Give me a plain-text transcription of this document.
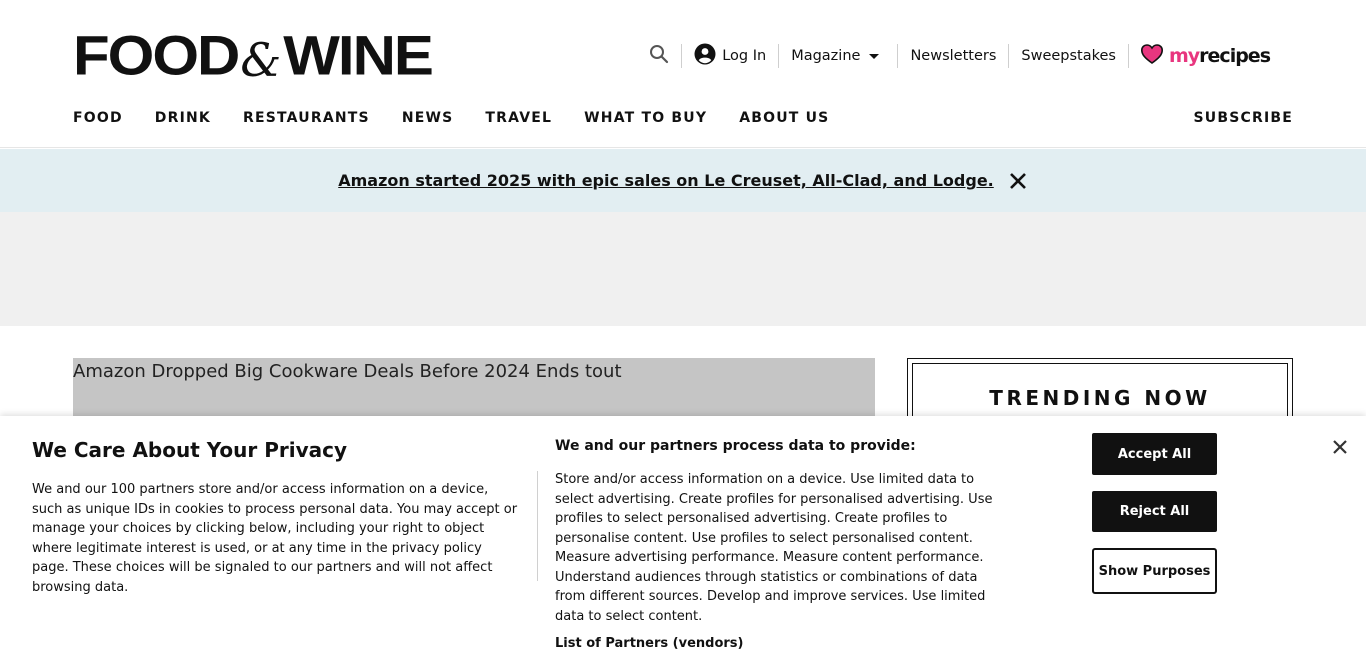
FOOD & WINE	Log In Magazine	Newsletters Sweepstakes	myrecipes
FOOD DRINK RESTAURANTS NEWS TRAVEL WHAT TO BUY ABOUT US	SUBSCRIBE
Amazon started 2025 with epic sales on Le Creuset, All-Clad, and Lodge.
Amazon Dropped Big Cookware Deals Before 2024 Ends tout
TRENDING NOW
We Care About Your Privacy
We and our 100 partners store and/or access information on a device, such as unique IDs in cookies to process personal data. You may accept or manage your choices by clicking below, including your right to object where legitimate interest is used, or at any time in the privacy policy page. These choices will be signaled to our partners and will not affect browsing data.
We and our partners process data to provide:
Store and/or access information on a device. Use limited data to select advertising. Create profiles for personalised advertising. Use profiles to select personalised advertising. Create profiles to personalise content. Use profiles to select personalised content. Measure advertising performance. Measure content performance. Understand audiences through statistics or combinations of data from different sources. Develop and improve services. Use limited data to select content.
List of Partners (vendors)
Accept All
Reject All
Show Purposes
